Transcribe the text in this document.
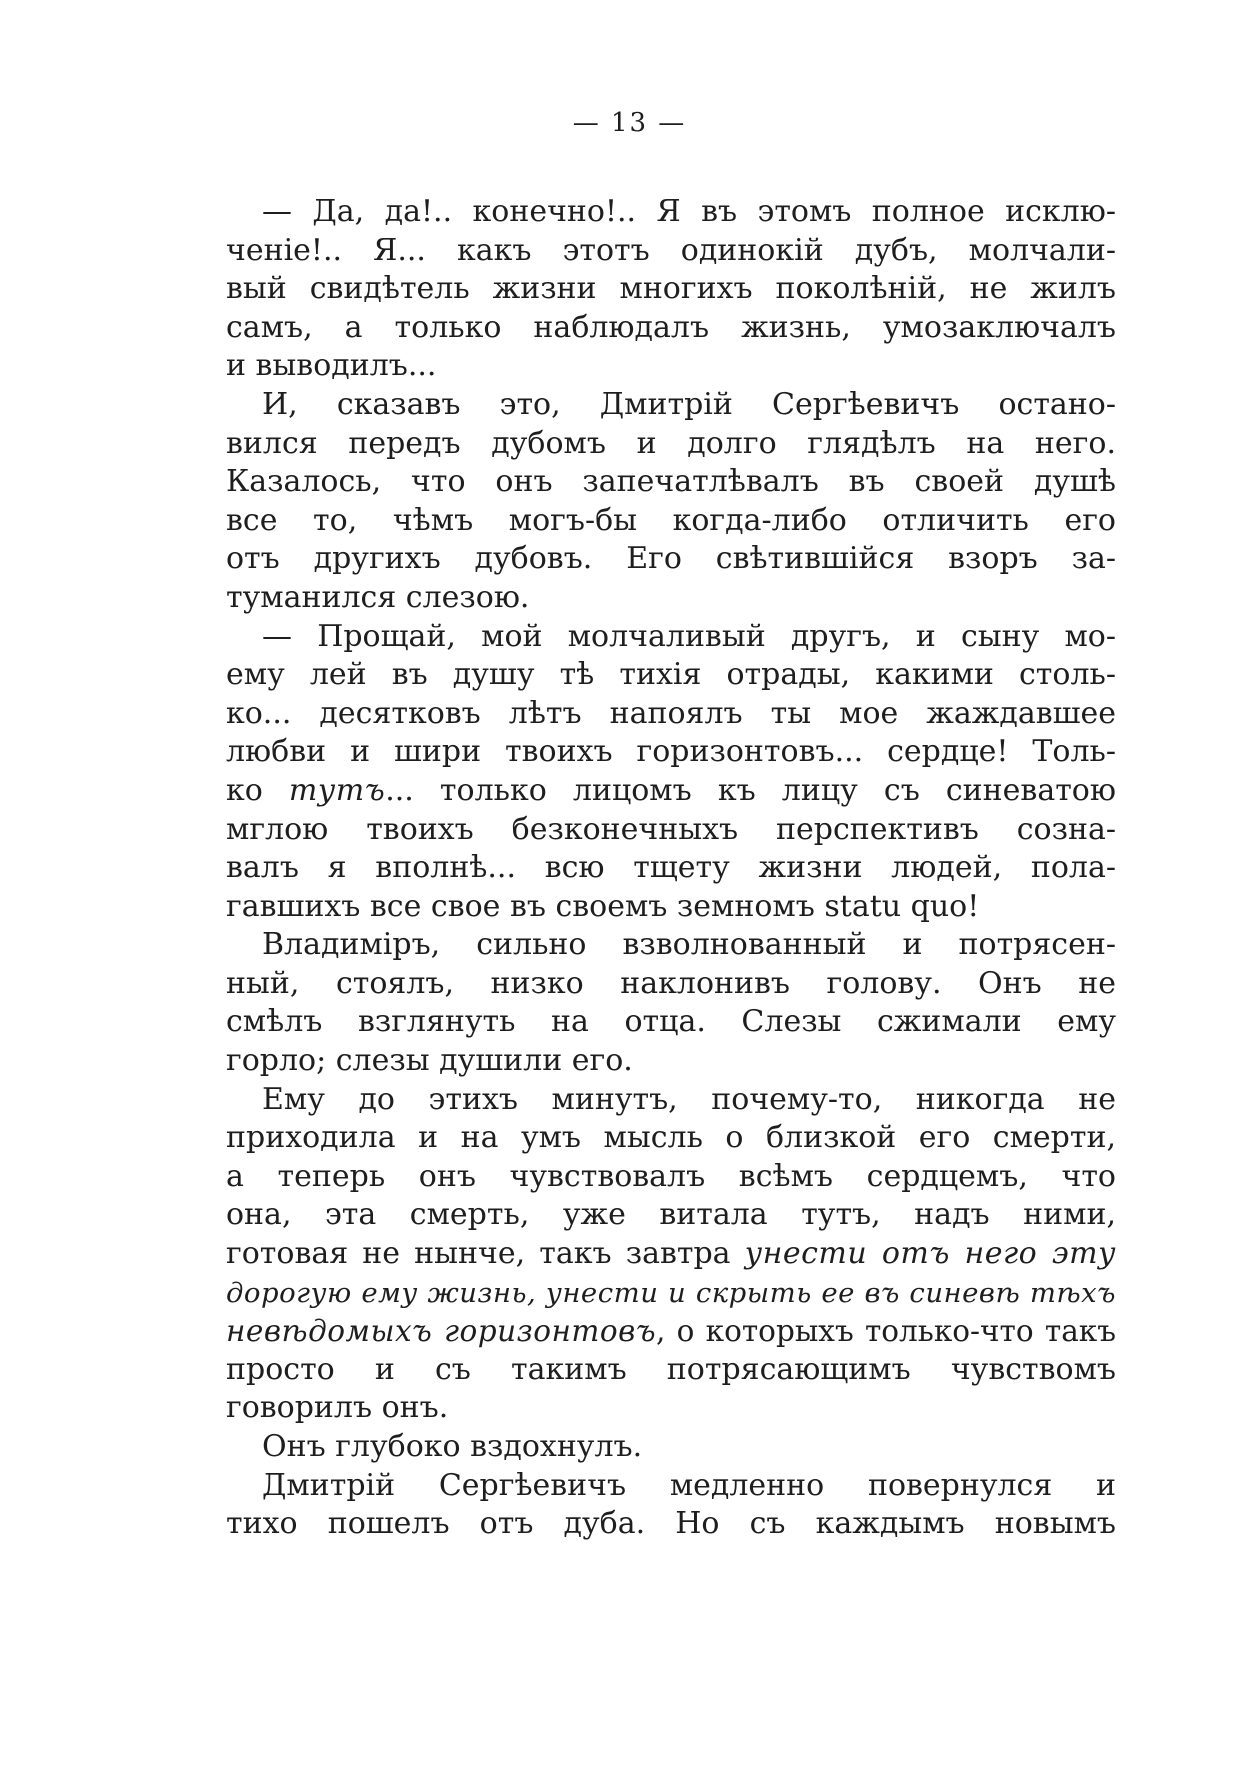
— 13 —
— Да, да!.. конечно!.. Я въ этомъ полное исклю-
ченіе!.. Я... какъ этотъ одинокій дубъ, молчали-
вый свидѣтель жизни многихъ поколѣній, не жилъ
самъ, а только наблюдалъ жизнь, умозаключалъ
и выводилъ...
И, сказавъ это, Дмитрій Сергѣевичъ остано-
вился передъ дубомъ и долго глядѣлъ на него.
Казалось, что онъ запечатлѣвалъ въ своей душѣ
все то, чѣмъ могъ-бы когда-либо отличить его
отъ другихъ дубовъ. Его свѣтившійся взоръ за-
туманился слезою.
— Прощай, мой молчаливый другъ, и сыну мо-
ему лей въ душу тѣ тихія отрады, какими столь-
ко... десятковъ лѣтъ напоялъ ты мое жаждавшее
любви и шири твоихъ горизонтовъ... сердце! Толь-
ко тутъ... только лицомъ къ лицу съ синеватою
мглою твоихъ безконечныхъ перспективъ созна-
валъ я вполнѣ... всю тщету жизни людей, пола-
гавшихъ все свое въ своемъ земномъ statu quo!
Владиміръ, сильно взволнованный и потрясен-
ный, стоялъ, низко наклонивъ голову. Онъ не
смѣлъ взглянуть на отца. Слезы сжимали ему
горло; слезы душили его.
Ему до этихъ минутъ, почему-то, никогда не
приходила и на умъ мысль о близкой его смерти,
а теперь онъ чувствовалъ всѣмъ сердцемъ, что
она, эта смерть, уже витала тутъ, надъ ними,
готовая не нынче, такъ завтра унести отъ него эту
дорогую ему жизнь, унести и скрыть ее въ синевѣ тѣхъ
невѣдомыхъ горизонтовъ, о которыхъ только-что такъ
просто и съ такимъ потрясающимъ чувствомъ
говорилъ онъ.
Онъ глубоко вздохнулъ.
Дмитрій Сергѣевичъ медленно повернулся и
тихо пошелъ отъ дуба. Но съ каждымъ новымъ
